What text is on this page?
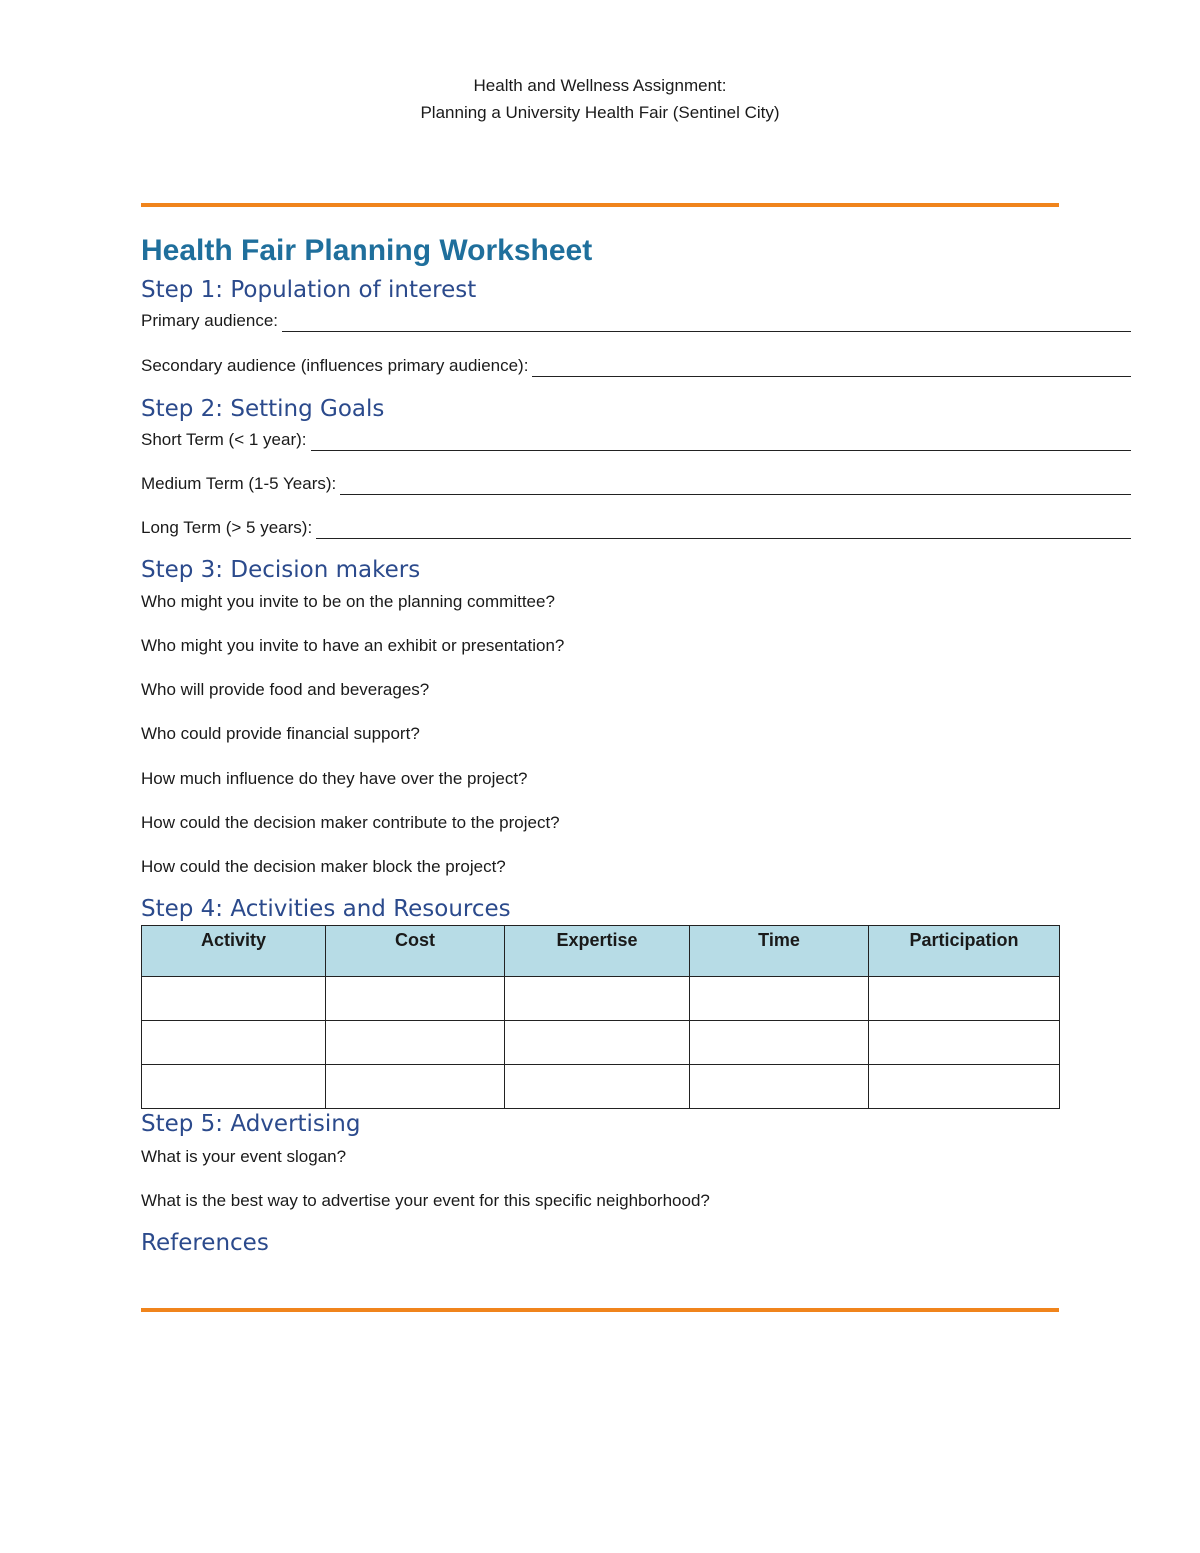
Health and Wellness Assignment:
Planning a University Health Fair (Sentinel City)
Health Fair Planning Worksheet
Step 1: Population of interest
Primary audience:
Secondary audience (influences primary audience):
Step 2: Setting Goals
Short Term (< 1 year):
Medium Term (1-5 Years):
Long Term (> 5 years):
Step 3: Decision makers

Who might you invite to be on the planning committee?

Who might you invite to have an exhibit or presentation?

Who will provide food and beverages?

Who could provide financial support?

How much influence do they have over the project?

How could the decision maker contribute to the project?

How could the decision maker block the project?

Step 4: Activities and Resources
Activity	Cost	Expertise	Time	Participation

Step 5: Advertising

What is your event slogan?

What is the best way to advertise your event for this specific neighborhood?

References
